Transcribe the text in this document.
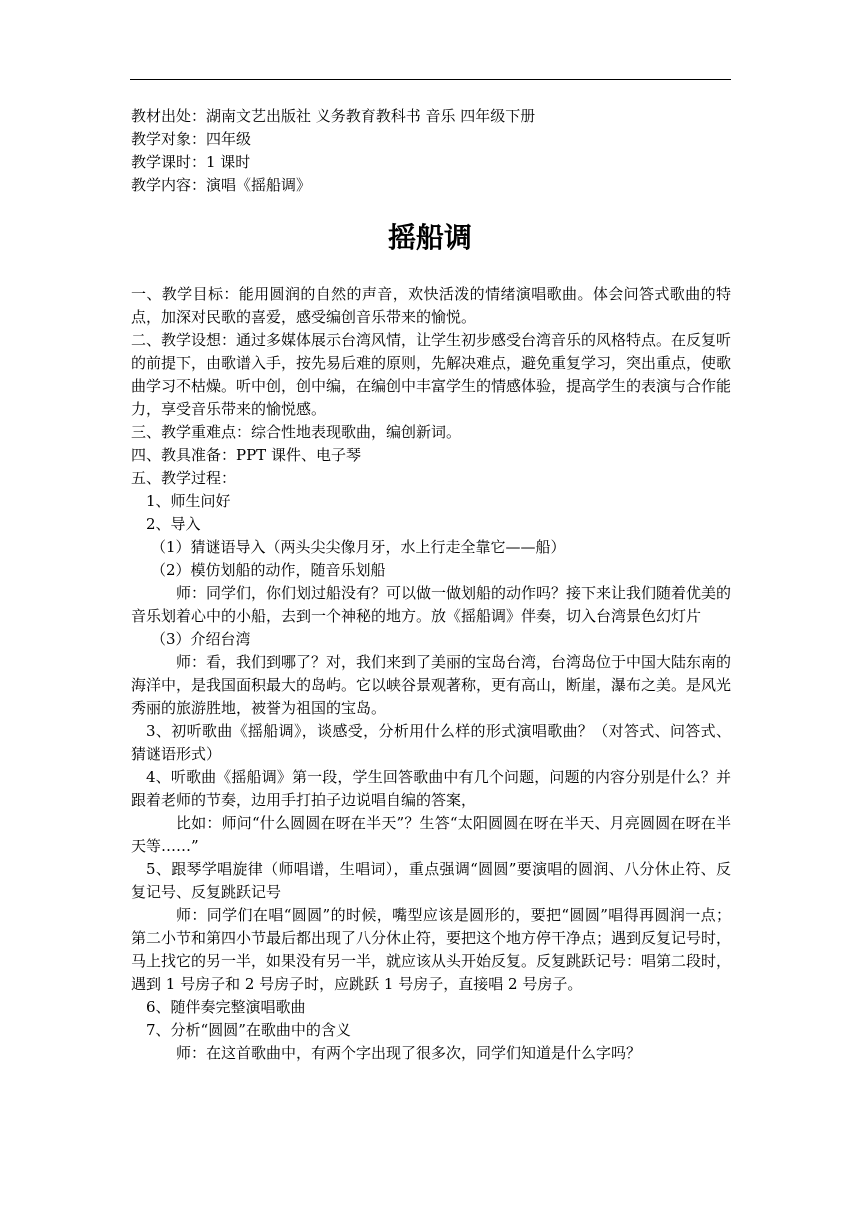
教材出处：湖南文艺出版社 义务教育教科书 音乐 四年级下册
教学对象：四年级
教学课时：1 课时
教学内容：演唱《摇船调》
摇船调

一、教学目标：能用圆润的自然的声音，欢快活泼的情绪演唱歌曲。体会问答式歌曲的特点，加深对民歌的喜爱，感受编创音乐带来的愉悦。

二、教学设想：通过多媒体展示台湾风情，让学生初步感受台湾音乐的风格特点。在反复听的前提下，由歌谱入手，按先易后难的原则，先解决难点，避免重复学习，突出重点，使歌曲学习不枯燥。听中创，创中编，在编创中丰富学生的情感体验，提高学生的表演与合作能力，享受音乐带来的愉悦感。

三、教学重难点：综合性地表现歌曲，编创新词。

四、教具准备：PPT 课件、电子琴

五、教学过程：

1、师生问好

2、导入

（1）猜谜语导入（两头尖尖像月牙，水上行走全靠它——船）

（2）模仿划船的动作，随音乐划船

师：同学们，你们划过船没有？可以做一做划船的动作吗？接下来让我们随着优美的音乐划着心中的小船，去到一个神秘的地方。放《摇船调》伴奏，切入台湾景色幻灯片

（3）介绍台湾

师：看，我们到哪了？对，我们来到了美丽的宝岛台湾，台湾岛位于中国大陆东南的海洋中，是我国面积最大的岛屿。它以峡谷景观著称，更有高山，断崖，瀑布之美。是风光秀丽的旅游胜地，被誉为祖国的宝岛。

3、初听歌曲《摇船调》，谈感受，分析用什么样的形式演唱歌曲？（对答式、问答式、猜谜语形式）

4、听歌曲《摇船调》第一段，学生回答歌曲中有几个问题，问题的内容分别是什么？并跟着老师的节奏，边用手打拍子边说唱自编的答案，

比如：师问“什么圆圆在呀在半天”？生答“太阳圆圆在呀在半天、月亮圆圆在呀在半天等……”

5、跟琴学唱旋律（师唱谱，生唱词），重点强调“圆圆”要演唱的圆润、八分休止符、反复记号、反复跳跃记号

师：同学们在唱“圆圆”的时候，嘴型应该是圆形的，要把“圆圆”唱得再圆润一点；第二小节和第四小节最后都出现了八分休止符，要把这个地方停干净点；遇到反复记号时，马上找它的另一半，如果没有另一半，就应该从头开始反复。反复跳跃记号：唱第二段时，遇到 1 号房子和 2 号房子时，应跳跃 1 号房子，直接唱 2 号房子。

6、随伴奏完整演唱歌曲

7、分析“圆圆”在歌曲中的含义

师：在这首歌曲中，有两个字出现了很多次，同学们知道是什么字吗？
